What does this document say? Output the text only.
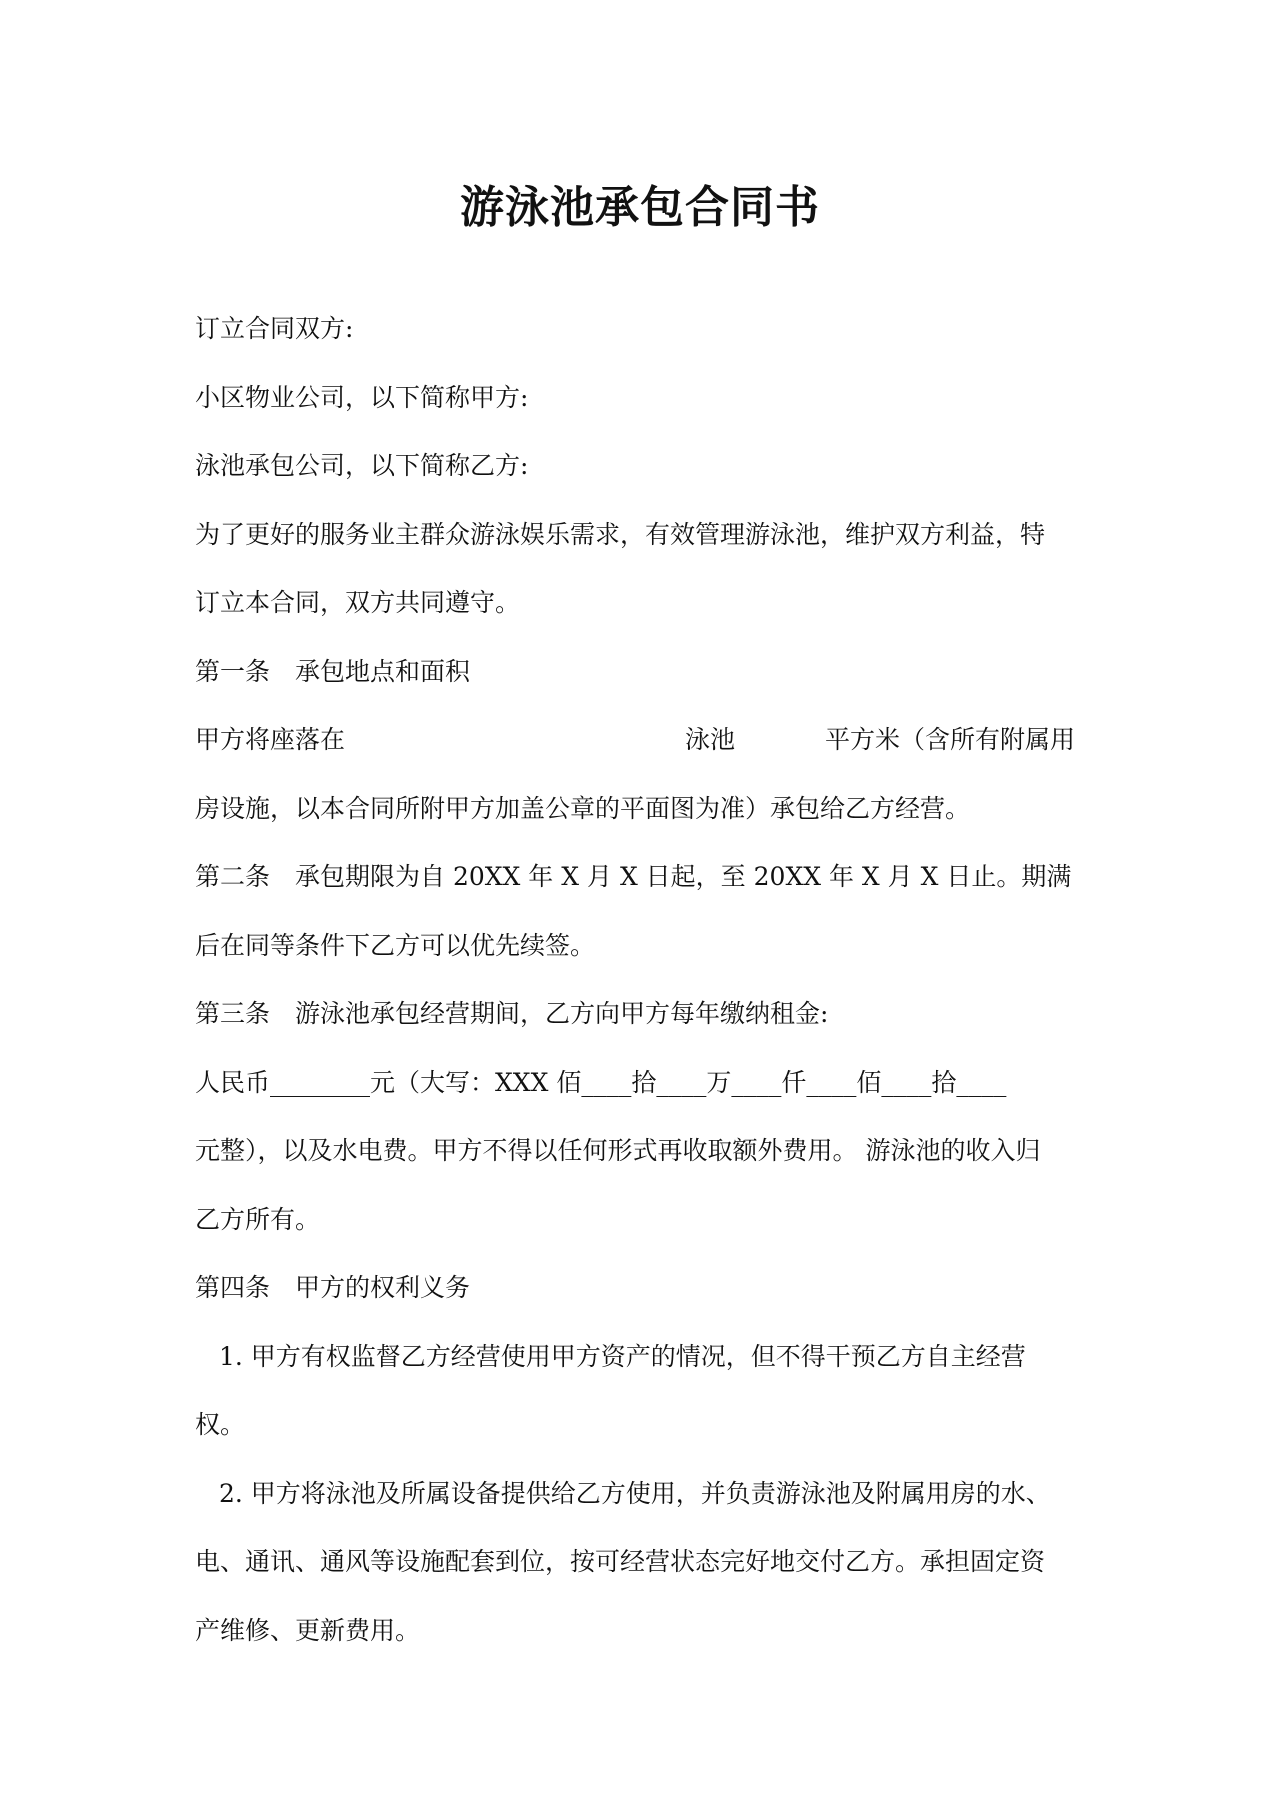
游泳池承包合同书

订立合同双方:

小区物业公司，以下简称甲方:

泳池承包公司，以下简称乙方:

为了更好的服务业主群众游泳娱乐需求，有效管理游泳池，维护双方利益，特

订立本合同，双方共同遵守。

第一条　承包地点和面积

甲方将座落在	泳池	平方米（含所有附属用

房设施，以本合同所附甲方加盖公章的平面图为准）承包给乙方经营。

第二条　承包期限为自 20XX 年 X 月 X 日起，至 20XX 年 X 月 X 日止。期满

后在同等条件下乙方可以优先续签。

第三条　游泳池承包经营期间，乙方向甲方每年缴纳租金:

人民币________元（大写：XXX 佰____拾____万____仟____佰____拾____

元整），以及水电费。甲方不得以任何形式再收取额外费用。 游泳池的收入归

乙方所有。

第四条　甲方的权利义务

1. 甲方有权监督乙方经营使用甲方资产的情况，但不得干预乙方自主经营

权。

2. 甲方将泳池及所属设备提供给乙方使用，并负责游泳池及附属用房的水、

电、通讯、通风等设施配套到位，按可经营状态完好地交付乙方。承担固定资

产维修、更新费用。
